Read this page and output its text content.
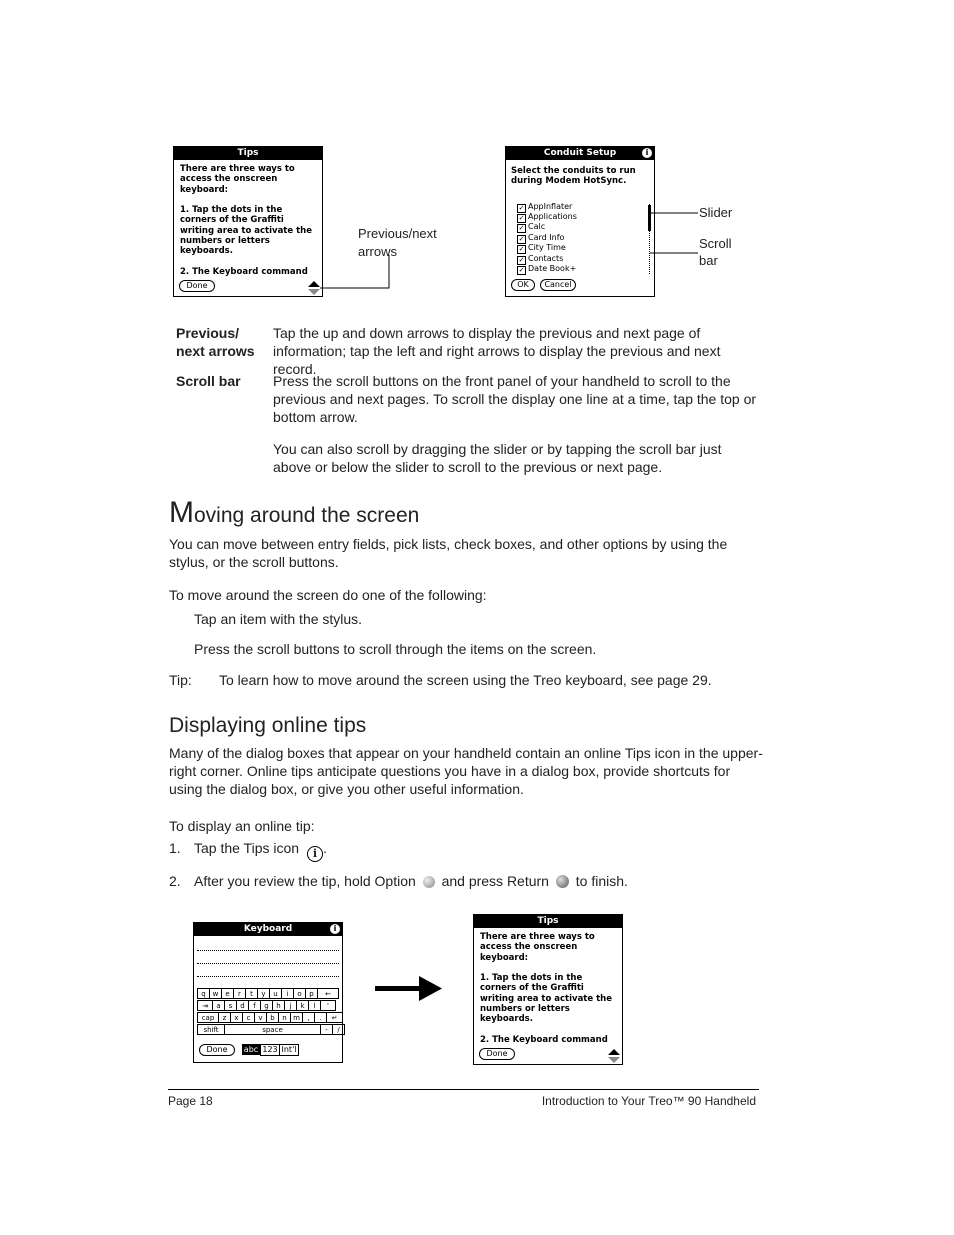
Tips
There are three ways to
access the onscreen
keyboard:

1. Tap the dots in the
corners of the Graffiti
writing area to activate the
numbers or letters
keyboards.

2. The Keyboard command
Done
Previous/next arrows
Conduit Setup	i
Select the conduits to run
during Modem HotSync.
✓ AppInflater
✓ Applications
✓ Calc
✓ Card Info
✓ City Time
✓ Contacts
✓ Date Book+
OK	Cancel
Slider
Scroll bar
Previous/ next arrows
Tap the up and down arrows to display the previous and next page of information; tap the left and right arrows to display the previous and next record.
Scroll bar Press the scroll buttons on the front panel of your handheld to scroll to the previous and next pages. To scroll the display one line at a time, tap the top or bottom arrow.
You can also scroll by dragging the slider or by tapping the scroll bar just above or below the slider to scroll to the previous or next page.
Moving around the screen
You can move between entry fields, pick lists, check boxes, and other options by using the stylus, or the scroll buttons.
To move around the screen do one of the following:
Tap an item with the stylus.
Press the scroll buttons to scroll through the items on the screen.
Tip: To learn how to move around the screen using the Treo keyboard, see page 29.
Displaying online tips
Many of the dialog boxes that appear on your handheld contain an online Tips icon in the upper-right corner. Online tips anticipate questions you have in a dialog box, provide shortcuts for using the dialog box, or give you other useful information.
To display an online tip:
1. Tap the Tips icon i .
2. After you review the tip, hold Option and press Return to finish.
Keyboard	i
q w e	r	t	y	u	i	o	p	←
⇥	a	s	d	f	g	h	j	k	l	'
cap	z	x	c	v	b	n m	,	.	↵
shift	space	-	/
Done	abc 123 Int'l
Tips
There are three ways to
access the onscreen
keyboard:

1. Tap the dots in the
corners of the Graffiti
writing area to activate the
numbers or letters
keyboards.

2. The Keyboard command
Done
Page 18	Introduction to Your Treo™ 90 Handheld
